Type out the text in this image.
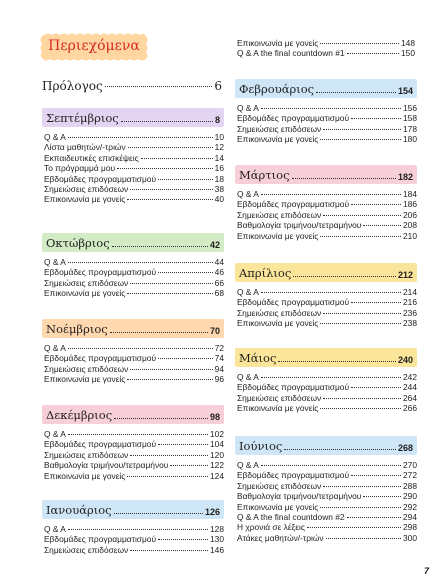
Περιεχόμενα
Πρόλογος	6
Σεπτέμβριος	8
Q & A	10
Λίστα μαθητών/-τριών	12
Εκπαιδευτικές επισκέψεις	14
Το πρόγραμμά μου	16
Εβδομάδες προγραμματισμού	18
Σημειώσεις επιδόσεων	38
Επικοινωνία με γονείς	40
Οκτώβριος	42
Q & A	44
Εβδομάδες προγραμματισμού	46
Σημειώσεις επιδόσεων	66
Επικοινωνία με γονείς	68
Νοέμβριος	70
Q & A	72
Εβδομάδες προγραμματισμού	74
Σημειώσεις επιδόσεων	94
Επικοινωνία με γονείς	96
Δεκέμβριος	98
Q & A	102
Εβδομάδες προγραμματισμού	104
Σημειώσεις επιδόσεων	120
Βαθμολογία τριμήνου/τετραμήνου	122
Επικοινωνία με γονείς	124
Ιανουάριος	126
Q & A	128
Εβδομάδες προγραμματισμού	130
Σημειώσεις επιδόσεων	146
Επικοινωνία με γονείς	148
Q & A the final countdown #1	150
Φεβρουάριος	154
Q & A	156
Εβδομάδες προγραμματισμού	158
Σημειώσεις επιδόσεων	178
Επικοινωνία με γονείς	180
Μάρτιος	182
Q & A	184
Εβδομάδες προγραμματισμού	186
Σημειώσεις επιδόσεων	206
Βαθμολογία τριμήνου/τετραμήνου	208
Επικοινωνία με γονείς	210
Απρίλιος	212
Q & A	214
Εβδομάδες προγραμματισμού	216
Σημειώσεις επιδόσεων	236
Επικοινωνία με γονείς	238
Μάιος	240
Q & A	242
Εβδομάδες προγραμματισμού	244
Σημειώσεις επιδόσεων	264
Επικοινωνία με γονείς	266
Ιούνιος	268
Q & A	270
Εβδομάδες προγραμματισμού	272
Σημειώσεις επιδόσεων	288
Βαθμολογία τριμήνου/τετραμήνου	290
Επικοινωνία με γονείς	292
Q & A the final countdown #2	294
Η χρονιά σε λέξεις	298
Ατάκες μαθητών/-τριών	300
7
